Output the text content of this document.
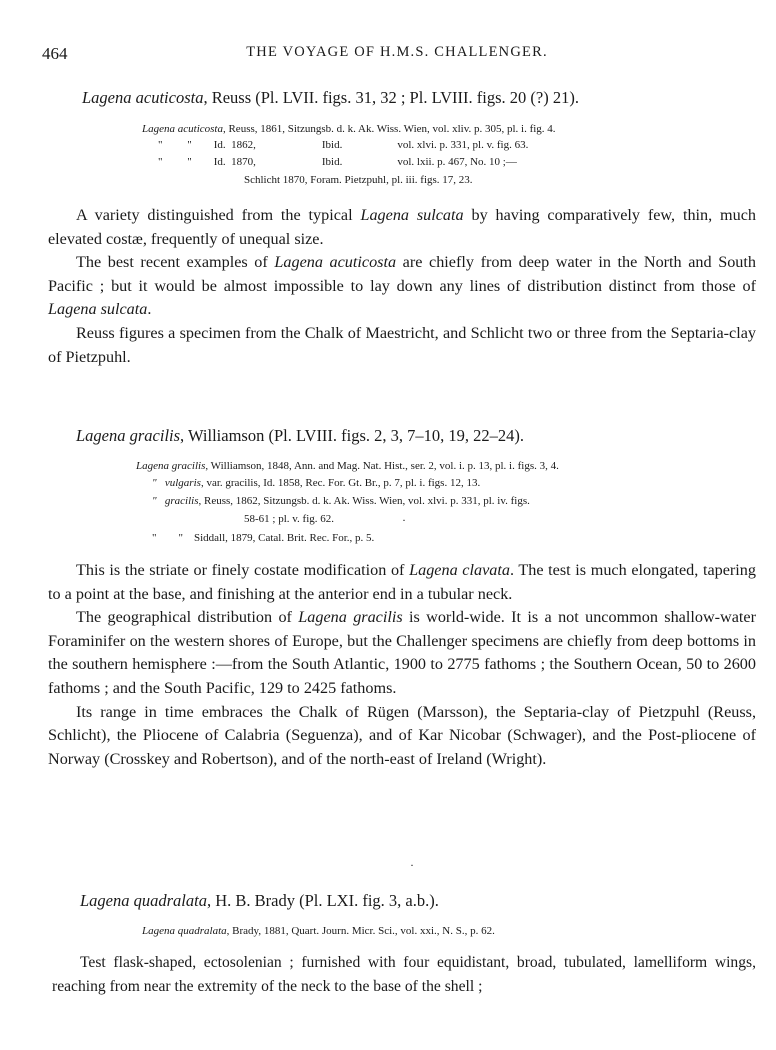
464	THE VOYAGE OF H.M.S. CHALLENGER.
Lagena acuticosta, Reuss (Pl. LVII. figs. 31, 32 ; Pl. LVIII. figs. 20 (?) 21).
Lagena acuticosta, Reuss, 1861, Sitzungsb. d. k. Ak. Wiss. Wien, vol. xliv. p. 305, pl. i. fig. 4.
"         "        Id.  1862,                        Ibid.                    vol. xlvi. p. 331, pl. v. fig. 63.
"         "        Id.  1870,                        Ibid.                    vol. lxii. p. 467, No. 10 ;—
Schlicht 1870, Foram. Pietzpuhl, pl. iii. figs. 17, 23.

A variety distinguished from the typical Lagena sulcata by having comparatively few, thin, much elevated costæ, frequently of unequal size.

The best recent examples of Lagena acuticosta are chiefly from deep water in the North and South Pacific ; but it would be almost impossible to lay down any lines of distribution distinct from those of Lagena sulcata.

Reuss figures a specimen from the Chalk of Maestricht, and Schlicht two or three from the Septaria-clay of Pietzpuhl.

Lagena gracilis, Williamson (Pl. LVIII. figs. 2, 3, 7–10, 19, 22–24).
Lagena gracilis, Williamson, 1848, Ann. and Mag. Nat. Hist., ser. 2, vol. i. p. 13, pl. i. figs. 3, 4.
"   vulgaris, var. gracilis, Id. 1858, Rec. For. Gt. Br., p. 7, pl. i. figs. 12, 13.
"   gracilis, Reuss, 1862, Sitzungsb. d. k. Ak. Wiss. Wien, vol. xlvi. p. 331, pl. iv. figs.
58-61 ; pl. v. fig. 62.
"        "    Siddall, 1879, Catal. Brit. Rec. For., p. 5.
·

This is the striate or finely costate modification of Lagena clavata. The test is much elongated, tapering to a point at the base, and finishing at the anterior end in a tubular neck.

The geographical distribution of Lagena gracilis is world-wide. It is a not uncommon shallow-water Foraminifer on the western shores of Europe, but the Challenger specimens are chiefly from deep bottoms in the southern hemisphere :—from the South Atlantic, 1900 to 2775 fathoms ; the Southern Ocean, 50 to 2600 fathoms ; and the South Pacific, 129 to 2425 fathoms.

Its range in time embraces the Chalk of Rügen (Marsson), the Septaria-clay of Pietzpuhl (Reuss, Schlicht), the Pliocene of Calabria (Seguenza), and of Kar Nicobar (Schwager), and the Post-pliocene of Norway (Crosskey and Robertson), and of the north-east of Ireland (Wright).

·
Lagena quadralata, H. B. Brady (Pl. LXI. fig. 3, a.b.).
Lagena quadralata, Brady, 1881, Quart. Journ. Micr. Sci., vol. xxi., N. S., p. 62.

Test flask-shaped, ectosolenian ; furnished with four equidistant, broad, tubulated, lamelliform wings, reaching from near the extremity of the neck to the base of the shell ;
